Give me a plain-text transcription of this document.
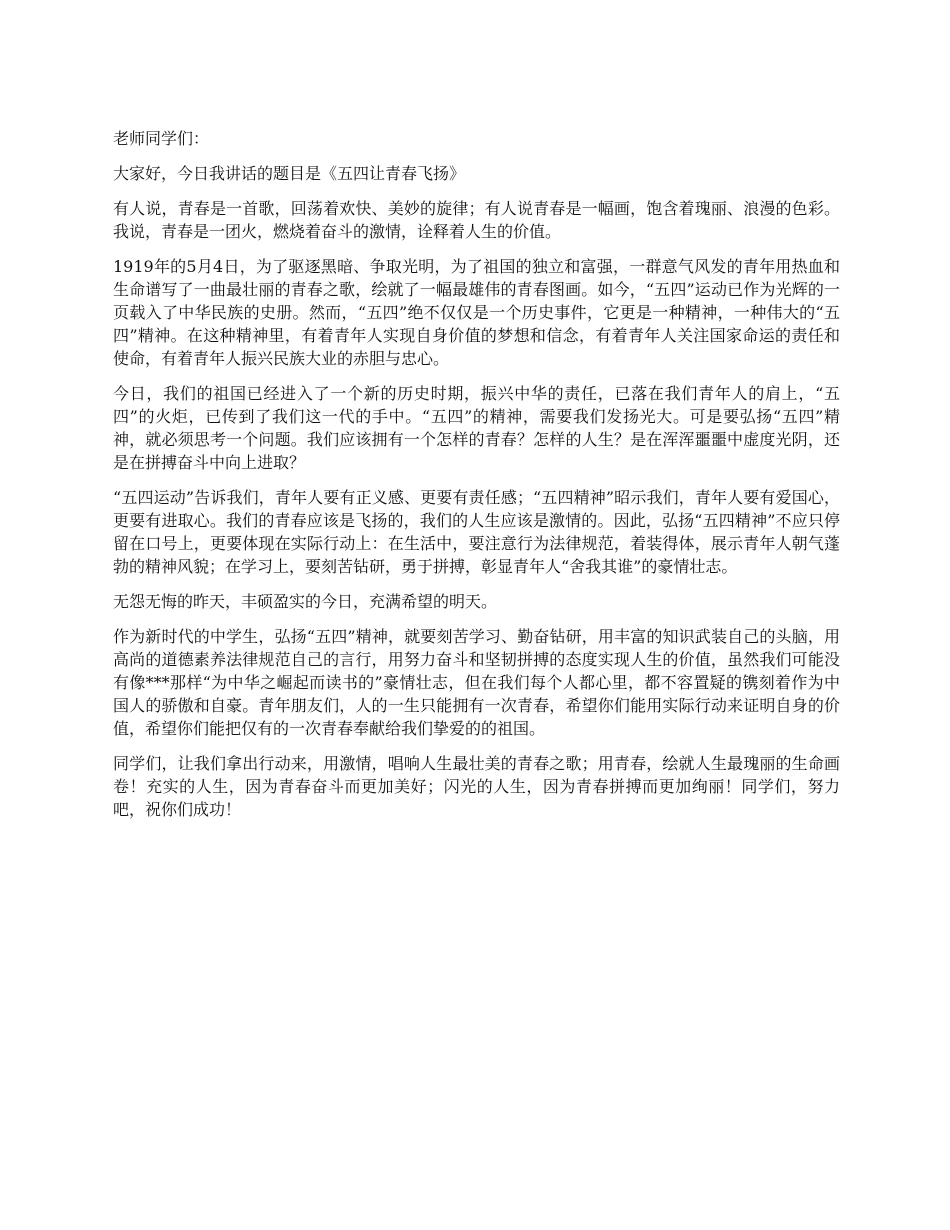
老师同学们：

大家好，今日我讲话的题目是《五四让青春飞扬》

有人说，青春是一首歌，回荡着欢快、美妙的旋律；有人说青春是一幅画，饱含着瑰丽、浪漫的色彩。我说，青春是一团火，燃烧着奋斗的激情，诠释着人生的价值。

1919年的5月4日，为了驱逐黑暗、争取光明，为了祖国的独立和富强，一群意气风发的青年用热血和生命谱写了一曲最壮丽的青春之歌，绘就了一幅最雄伟的青春图画。如今，“五四”运动已作为光辉的一页载入了中华民族的史册。然而，“五四”绝不仅仅是一个历史事件，它更是一种精神，一种伟大的“五四”精神。在这种精神里，有着青年人实现自身价值的梦想和信念，有着青年人关注国家命运的责任和使命，有着青年人振兴民族大业的赤胆与忠心。

今日，我们的祖国已经进入了一个新的历史时期，振兴中华的责任，已落在我们青年人的肩上，“五四”的火炬，已传到了我们这一代的手中。“五四”的精神，需要我们发扬光大。可是要弘扬“五四”精神，就必须思考一个问题。我们应该拥有一个怎样的青春？怎样的人生？是在浑浑噩噩中虚度光阴，还是在拼搏奋斗中向上进取？

“五四运动”告诉我们，青年人要有正义感、更要有责任感；“五四精神”昭示我们，青年人要有爱国心，更要有进取心。我们的青春应该是飞扬的，我们的人生应该是激情的。因此，弘扬“五四精神”不应只停留在口号上，更要体现在实际行动上：在生活中，要注意行为法律规范，着装得体，展示青年人朝气蓬勃的精神风貌；在学习上，要刻苦钻研，勇于拼搏，彰显青年人“舍我其谁”的豪情壮志。

无怨无悔的昨天，丰硕盈实的今日，充满希望的明天。

作为新时代的中学生，弘扬“五四”精神，就要刻苦学习、勤奋钻研，用丰富的知识武装自己的头脑，用高尚的道德素养法律规范自己的言行，用努力奋斗和坚韧拼搏的态度实现人生的价值，虽然我们可能没有像***那样“为中华之崛起而读书的”豪情壮志，但在我们每个人都心里，都不容置疑的镌刻着作为中国人的骄傲和自豪。青年朋友们，人的一生只能拥有一次青春，希望你们能用实际行动来证明自身的价值，希望你们能把仅有的一次青春奉献给我们挚爱的的祖国。

同学们，让我们拿出行动来，用激情，唱响人生最壮美的青春之歌；用青春，绘就人生最瑰丽的生命画卷！充实的人生，因为青春奋斗而更加美好；闪光的人生，因为青春拼搏而更加绚丽！同学们，努力吧，祝你们成功！
